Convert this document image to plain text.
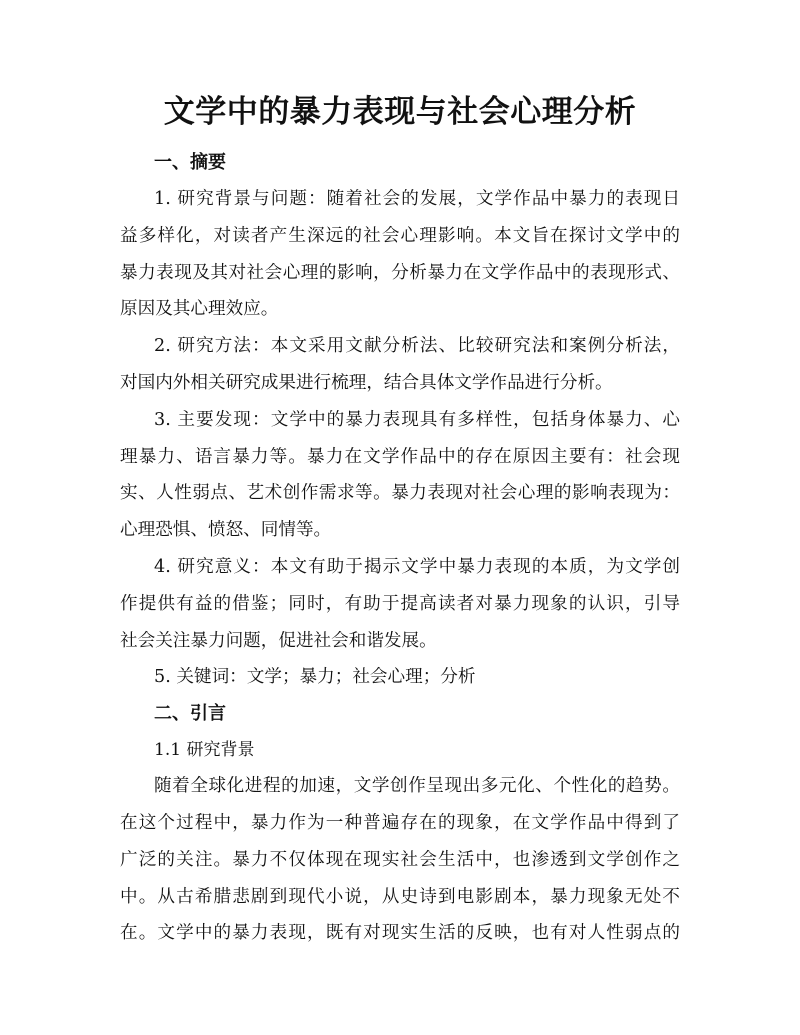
文学中的暴力表现与社会心理分析
一、摘要
1. 研究背景与问题：随着社会的发展，文学作品中暴力的表现日
益多样化，对读者产生深远的社会心理影响。本文旨在探讨文学中的
暴力表现及其对社会心理的影响，分析暴力在文学作品中的表现形式、
原因及其心理效应。
2. 研究方法：本文采用文献分析法、比较研究法和案例分析法，
对国内外相关研究成果进行梳理，结合具体文学作品进行分析。
3. 主要发现：文学中的暴力表现具有多样性，包括身体暴力、心
理暴力、语言暴力等。暴力在文学作品中的存在原因主要有：社会现
实、人性弱点、艺术创作需求等。暴力表现对社会心理的影响表现为：
心理恐惧、愤怒、同情等。
4. 研究意义：本文有助于揭示文学中暴力表现的本质，为文学创
作提供有益的借鉴；同时，有助于提高读者对暴力现象的认识，引导
社会关注暴力问题，促进社会和谐发展。
5. 关键词：文学；暴力；社会心理；分析
二、引言
1.1 研究背景
随着全球化进程的加速，文学创作呈现出多元化、个性化的趋势。
在这个过程中，暴力作为一种普遍存在的现象，在文学作品中得到了
广泛的关注。暴力不仅体现在现实社会生活中，也渗透到文学创作之
中。从古希腊悲剧到现代小说，从史诗到电影剧本，暴力现象无处不
在。文学中的暴力表现，既有对现实生活的反映，也有对人性弱点的
